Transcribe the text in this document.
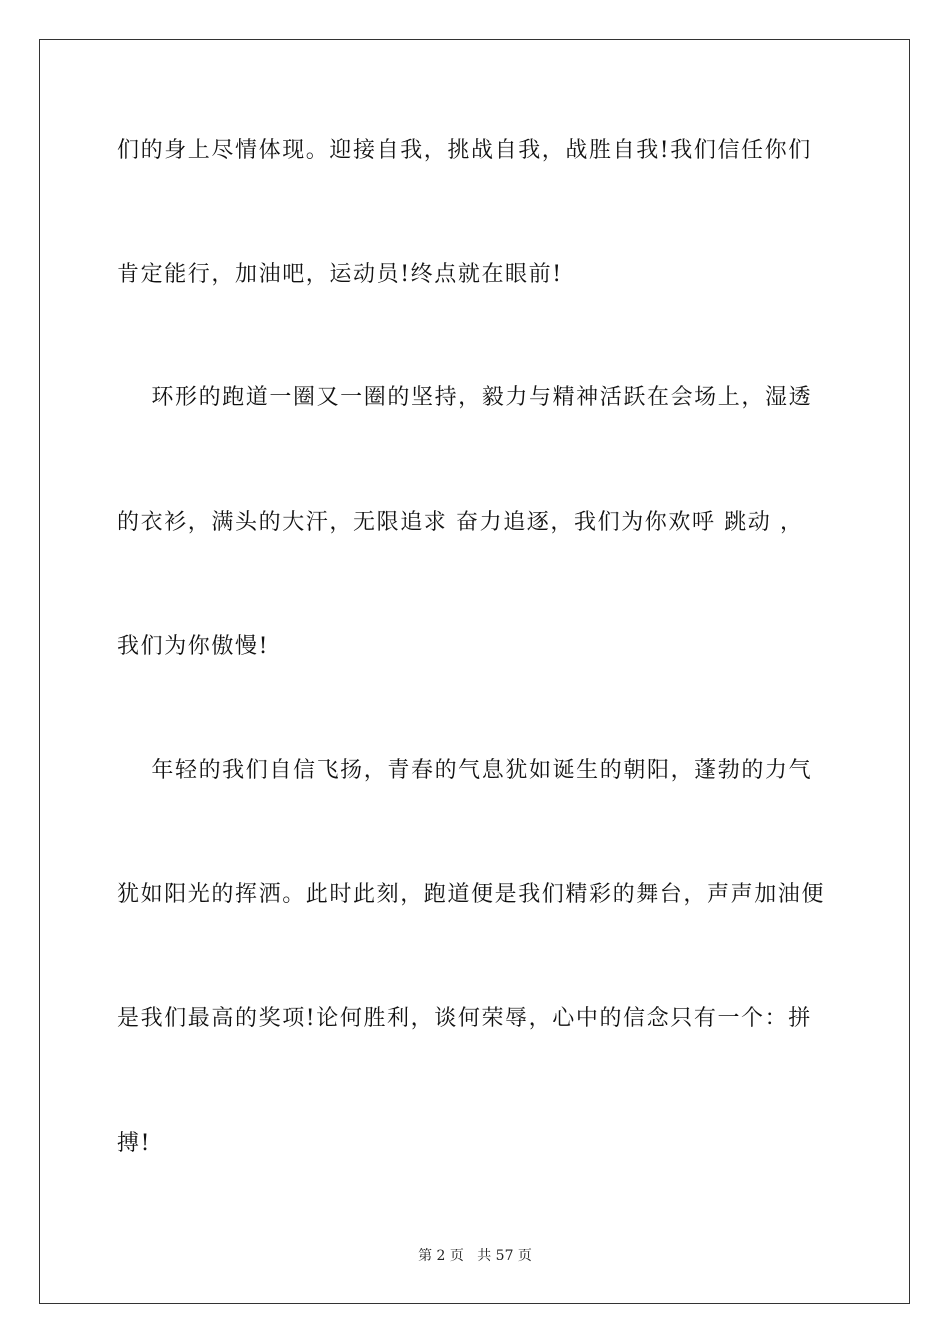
们的身上尽情体现。迎接自我，挑战自我，战胜自我!我们信任你们
肯定能行，加油吧，运动员!终点就在眼前!
环形的跑道一圈又一圈的坚持，毅力与精神活跃在会场上，湿透
的衣衫，满头的大汗，无限追求 奋力追逐，我们为你欢呼 跳动 ，
我们为你傲慢!
年轻的我们自信飞扬，青春的气息犹如诞生的朝阳，蓬勃的力气
犹如阳光的挥洒。此时此刻，跑道便是我们精彩的舞台，声声加油便
是我们最高的奖项!论何胜利，谈何荣辱，心中的信念只有一个：拼
搏!
第 2 页   共 57 页
